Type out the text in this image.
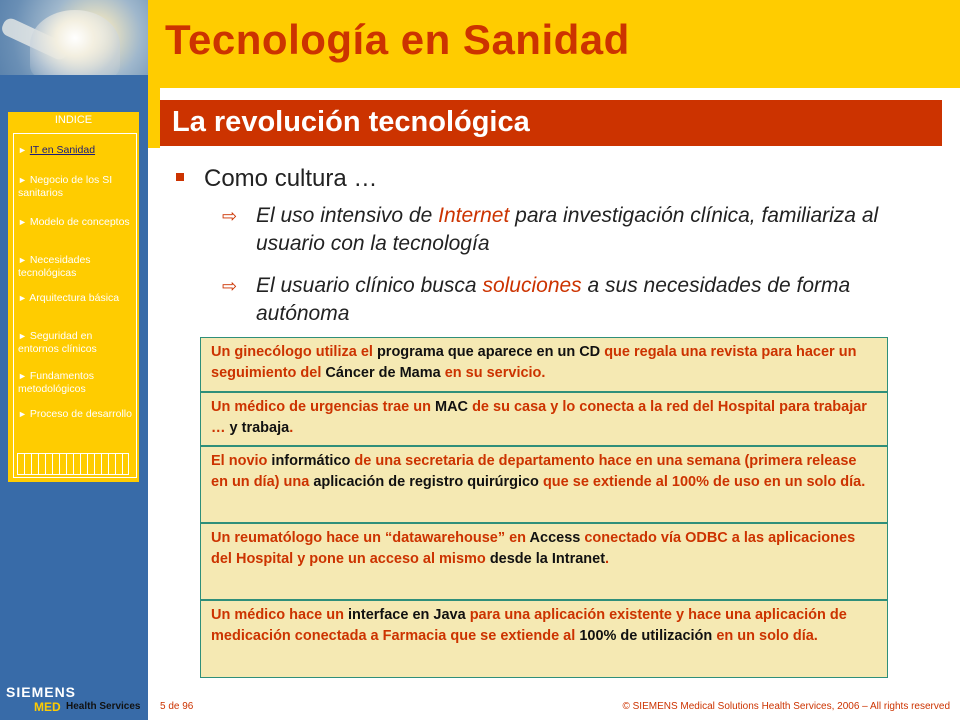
Tecnología en Sanidad
La revolución tecnológica
INDICE
► IT en Sanidad
► Negocio de los SI sanitarios
► Modelo de conceptos
► Necesidades tecnológicas
► Arquitectura básica
► Seguridad en entornos clínicos
► Fundamentos metodológicos
► Proceso de desarrollo
Como cultura …
⇨ El uso intensivo de Internet para investigación clínica, familiariza al usuario con la tecnología
⇨ El usuario clínico busca soluciones a sus necesidades de forma autónoma
Un ginecólogo utiliza el programa que aparece en un CD que regala una revista para hacer un seguimiento del Cáncer de Mama en su servicio.
Un médico de urgencias trae un MAC de su casa y lo conecta a la red del Hospital para trabajar … y trabaja.
El novio informático de una secretaria de departamento hace en una semana (primera release en un día) una aplicación de registro quirúrgico que se extiende al 100% de uso en un solo día.
Un reumatólogo hace un “datawarehouse” en Access conectado vía ODBC a las aplicaciones del Hospital y pone un acceso al mismo desde la Intranet.
Un médico hace un interface en Java para una aplicación existente y hace una aplicación de medicación conectada a Farmacia que se extiende al 100% de utilización en un solo día.
SIEMENS
MED Health Services 5 de 96	© SIEMENS Medical Solutions Health Services, 2006 – All rights reserved
